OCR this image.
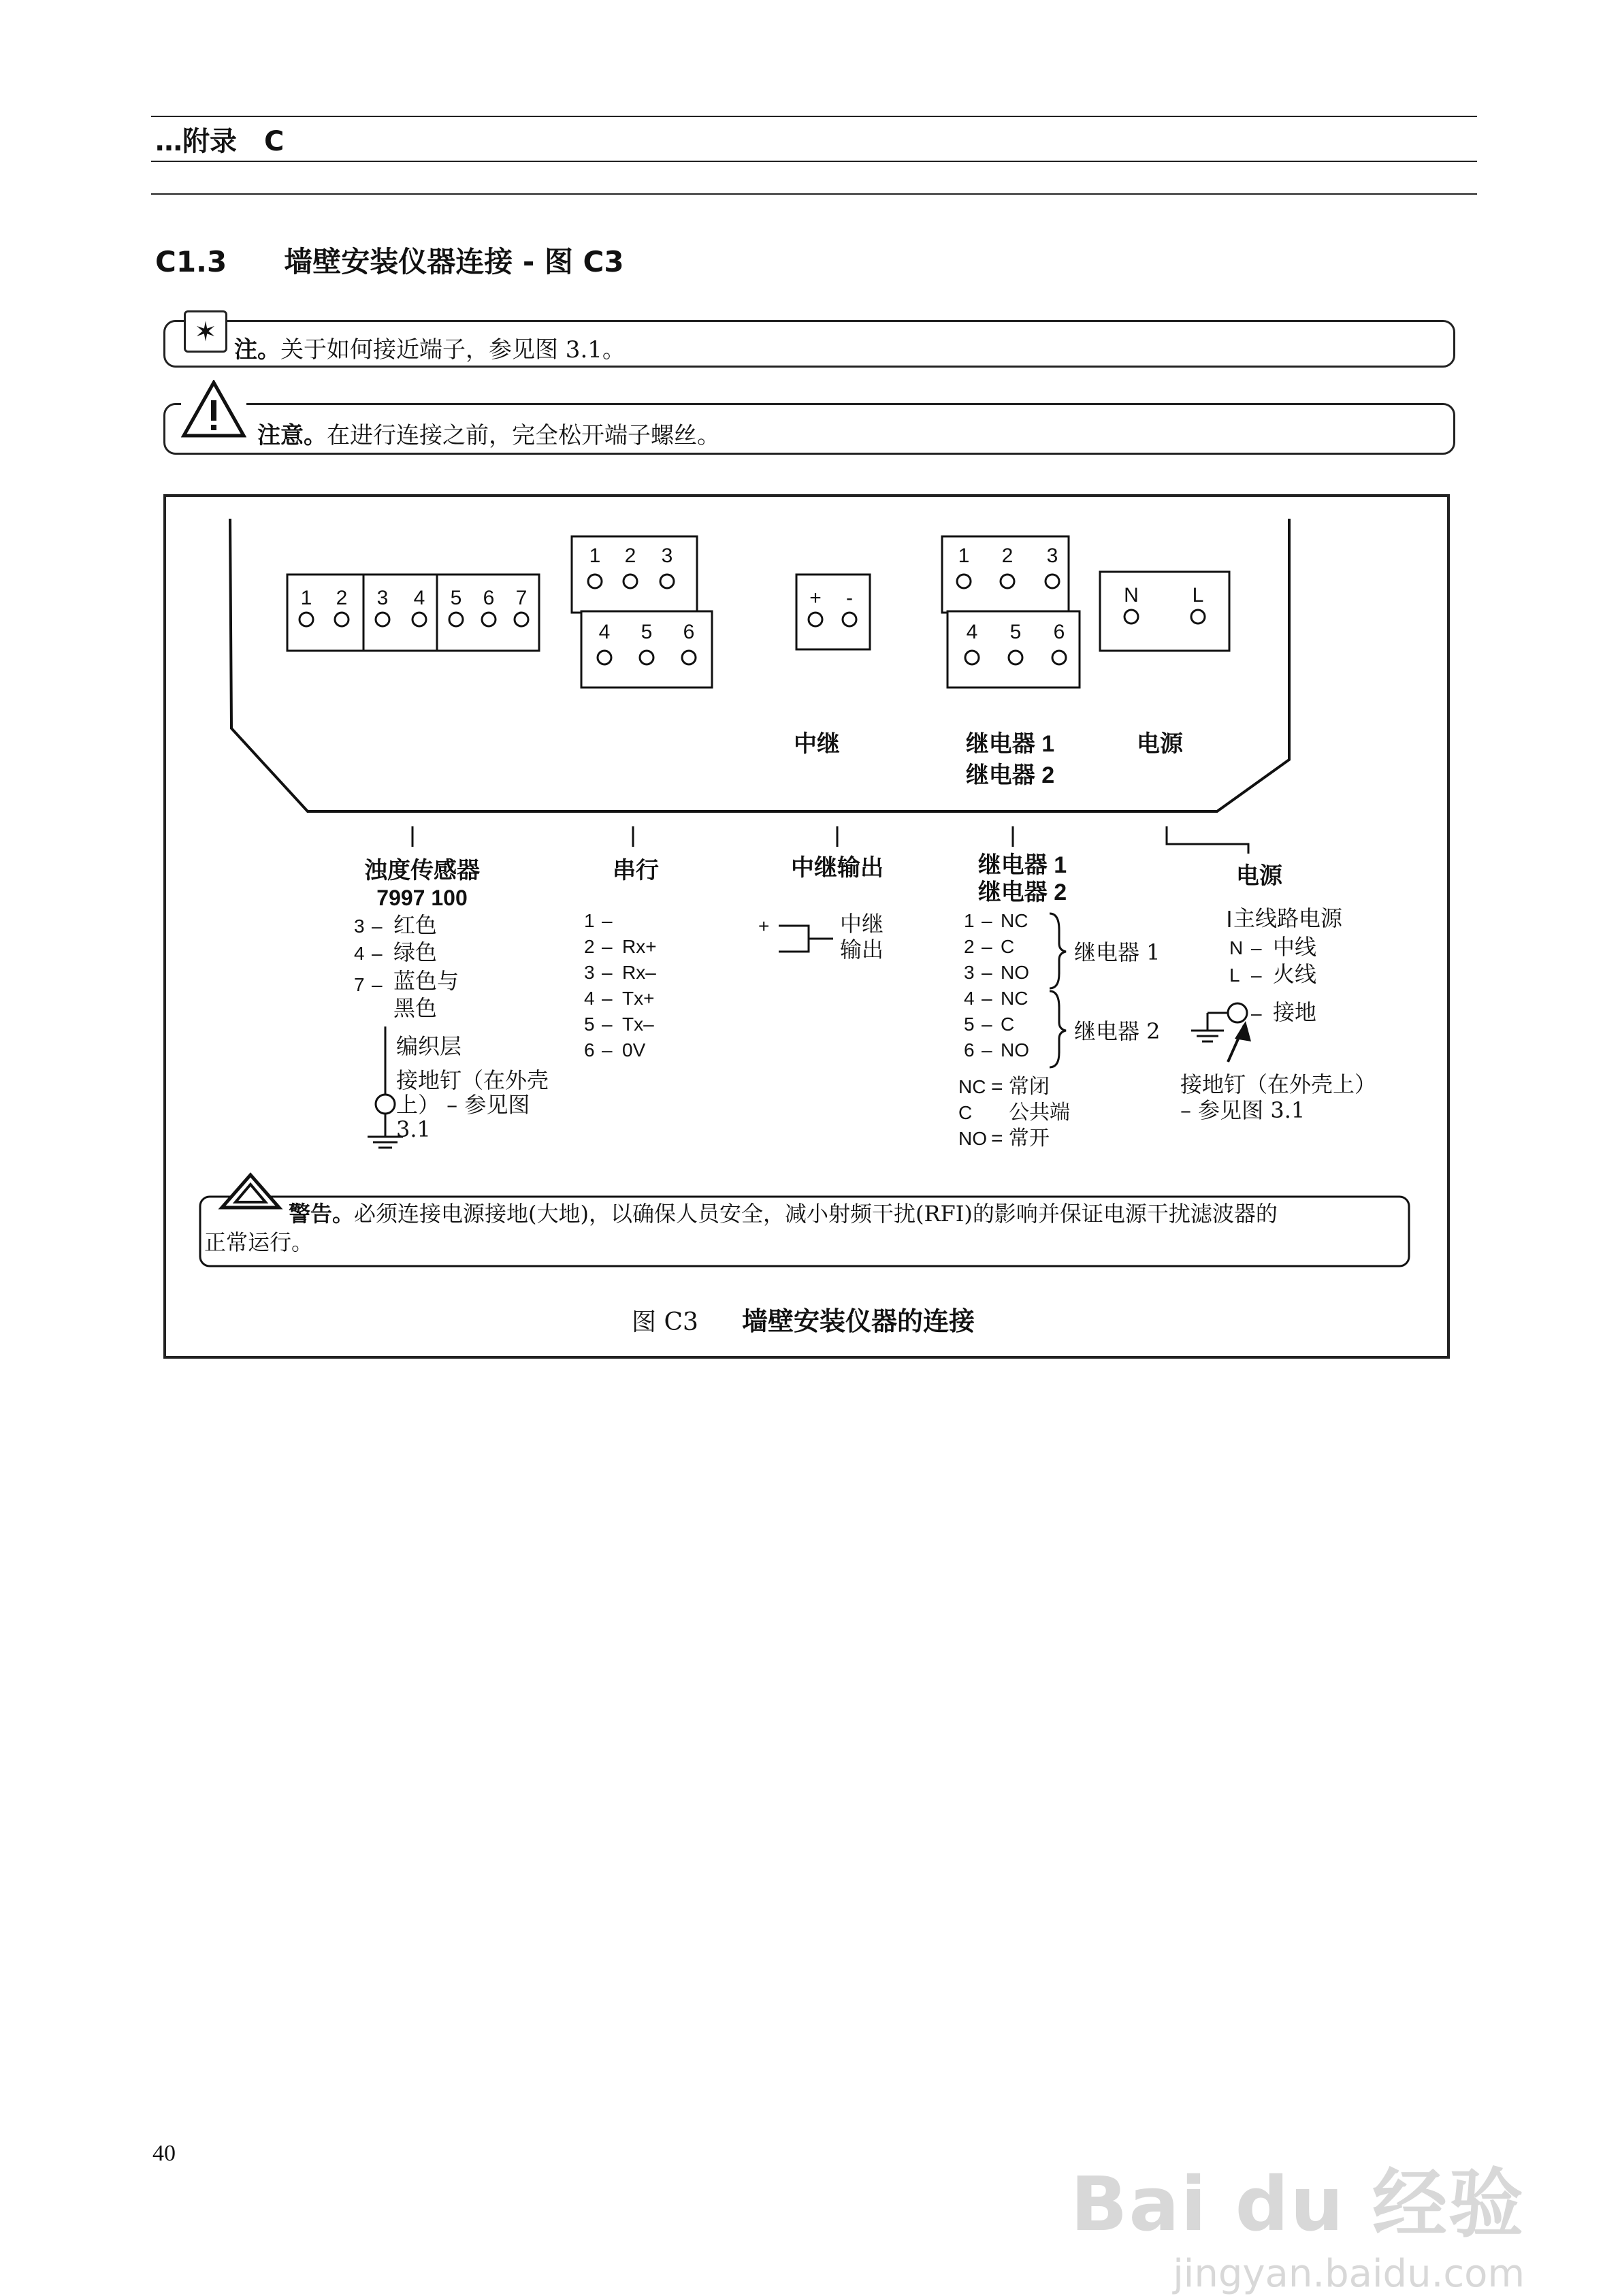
…附录　C
C1.3　　墙壁安装仪器连接 - 图 C3
✶
注。关于如何接近端子，参见图 3.1。
注意。在进行连接之前，完全松开端子螺丝。
1 2 3 4 5 6 7
1 2 3
4 5 6
+ -
1 2 3
4 5 6
N	L
中继	继电器 1
继电器 2
电源
浊度传感器
7997 100
3 – 红色
4 – 绿色
7 – 蓝色与
黑色
编织层
接地钉（在外壳
上） – 参见图
3.1
串行
1 –
2 – Rx+
3 – Rx–
4 – Tx+
5 – Tx–
6 – 0V
中继输出
+	中继
输出
继电器 1
继电器 2
1 – NC
2 – C
3 – NO
4 – NC
5 – C
6 – NO
继电器 1
继电器 2
NC = 常闭
C 公共端
NO = 常开
电源
主线路电源
N – 中线
L – 火线
– 接地
接地钉（在外壳上）
– 参见图 3.1
警告。 必须连接电源接地(大地)，以确保人员安全，减小射频干扰(RFI)的影响并保证电源干扰滤波器的
正常运行。
图 C3 墙壁安装仪器的连接
40
Bai du 经验
jingyan.baidu.com
